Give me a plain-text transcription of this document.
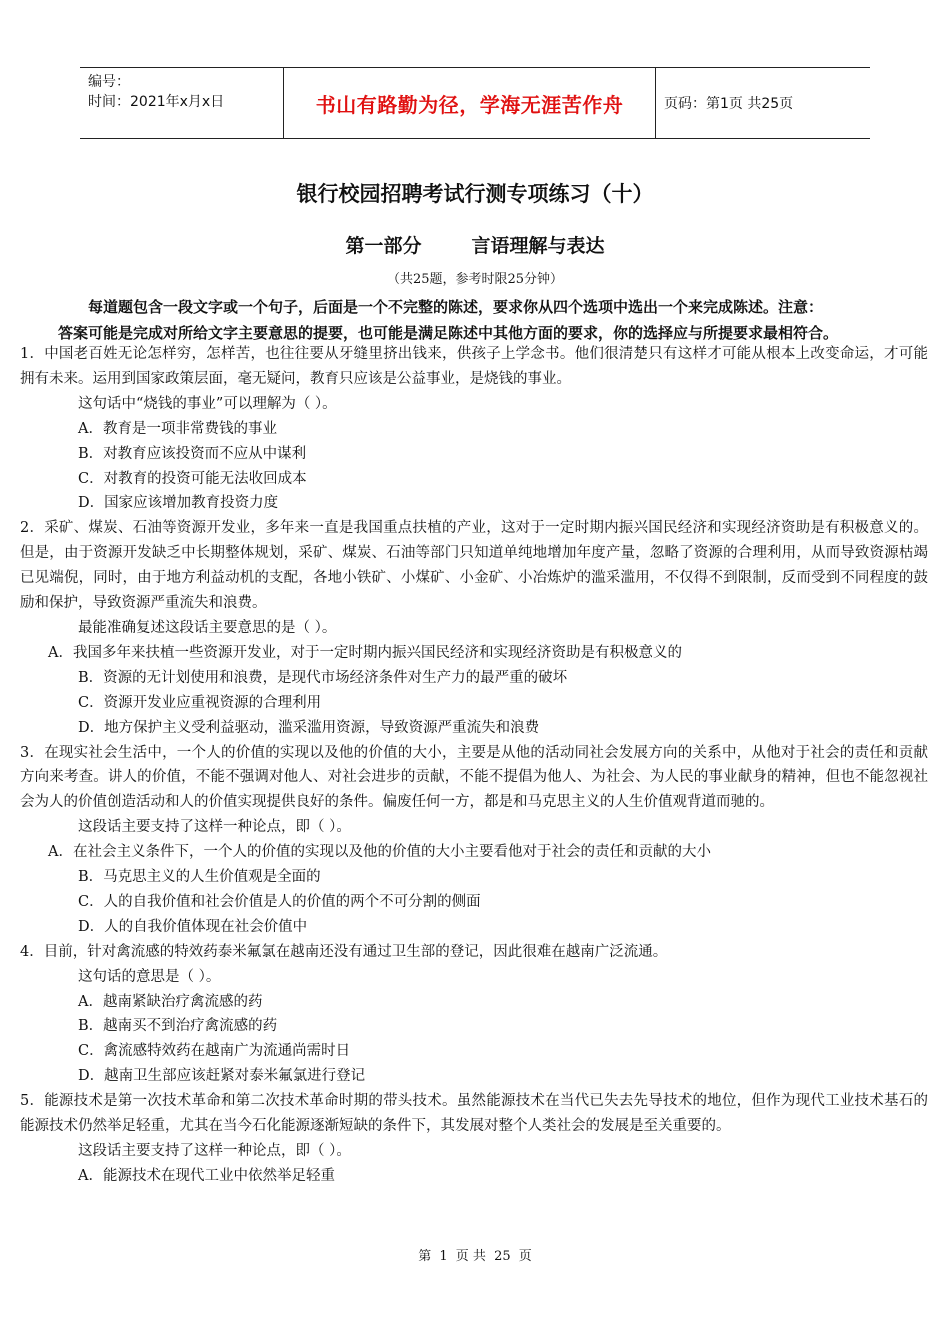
编号：
时间：2021年x月x日	书山有路勤为径，学海无涯苦作舟	页码：第1页 共25页
银行校园招聘考试行测专项练习（十）
第一部分	言语理解与表达
（共25题，参考时限25分钟）
每道题包含一段文字或一个句子，后面是一个不完整的陈述，要求你从四个选项中选出一个来完成陈述。注意：
答案可能是完成对所给文字主要意思的提要，也可能是满足陈述中其他方面的要求，你的选择应与所提要求最相符合。

1．中国老百姓无论怎样穷，怎样苦，也往往要从牙缝里挤出钱来，供孩子上学念书。他们很清楚只有这样才可能从根本上改变命运，才可能拥有未来。运用到国家政策层面，毫无疑问，教育只应该是公益事业，是烧钱的事业。

这句话中“烧钱的事业”可以理解为（ ）。

A．教育是一项非常费钱的事业

B．对教育应该投资而不应从中谋利

C．对教育的投资可能无法收回成本

D．国家应该增加教育投资力度

2．采矿、煤炭、石油等资源开发业，多年来一直是我国重点扶植的产业，这对于一定时期内振兴国民经济和实现经济资助是有积极意义的。但是，由于资源开发缺乏中长期整体规划，采矿、煤炭、石油等部门只知道单纯地增加年度产量，忽略了资源的合理利用，从而导致资源枯竭已见端倪，同时，由于地方利益动机的支配，各地小铁矿、小煤矿、小金矿、小冶炼炉的滥采滥用，不仅得不到限制，反而受到不同程度的鼓励和保护，导致资源严重流失和浪费。

最能准确复述这段话主要意思的是（ ）。

A．我国多年来扶植一些资源开发业，对于一定时期内振兴国民经济和实现经济资助是有积极意义的

B．资源的无计划使用和浪费，是现代市场经济条件对生产力的最严重的破坏

C．资源开发业应重视资源的合理利用

D．地方保护主义受利益驱动，滥采滥用资源，导致资源严重流失和浪费

3．在现实社会生活中，一个人的价值的实现以及他的价值的大小，主要是从他的活动同社会发展方向的关系中，从他对于社会的责任和贡献方向来考查。讲人的价值，不能不强调对他人、对社会进步的贡献，不能不提倡为他人、为社会、为人民的事业献身的精神，但也不能忽视社会为人的价值创造活动和人的价值实现提供良好的条件。偏废任何一方，都是和马克思主义的人生价值观背道而驰的。

这段话主要支持了这样一种论点，即（ ）。

A．在社会主义条件下，一个人的价值的实现以及他的价值的大小主要看他对于社会的责任和贡献的大小

B．马克思主义的人生价值观是全面的

C．人的自我价值和社会价值是人的价值的两个不可分割的侧面

D．人的自我价值体现在社会价值中

4．目前，针对禽流感的特效药泰米氟氯在越南还没有通过卫生部的登记，因此很难在越南广泛流通。

这句话的意思是（ ）。

A．越南紧缺治疗禽流感的药

B．越南买不到治疗禽流感的药

C．禽流感特效药在越南广为流通尚需时日

D．越南卫生部应该赶紧对泰米氟氯进行登记

5．能源技术是第一次技术革命和第二次技术革命时期的带头技术。虽然能源技术在当代已失去先导技术的地位，但作为现代工业技术基石的能源技术仍然举足轻重，尤其在当今石化能源逐渐短缺的条件下，其发展对整个人类社会的发展是至关重要的。

这段话主要支持了这样一种论点，即（ ）。

A．能源技术在现代工业中依然举足轻重

第 1 页 共 25 页
